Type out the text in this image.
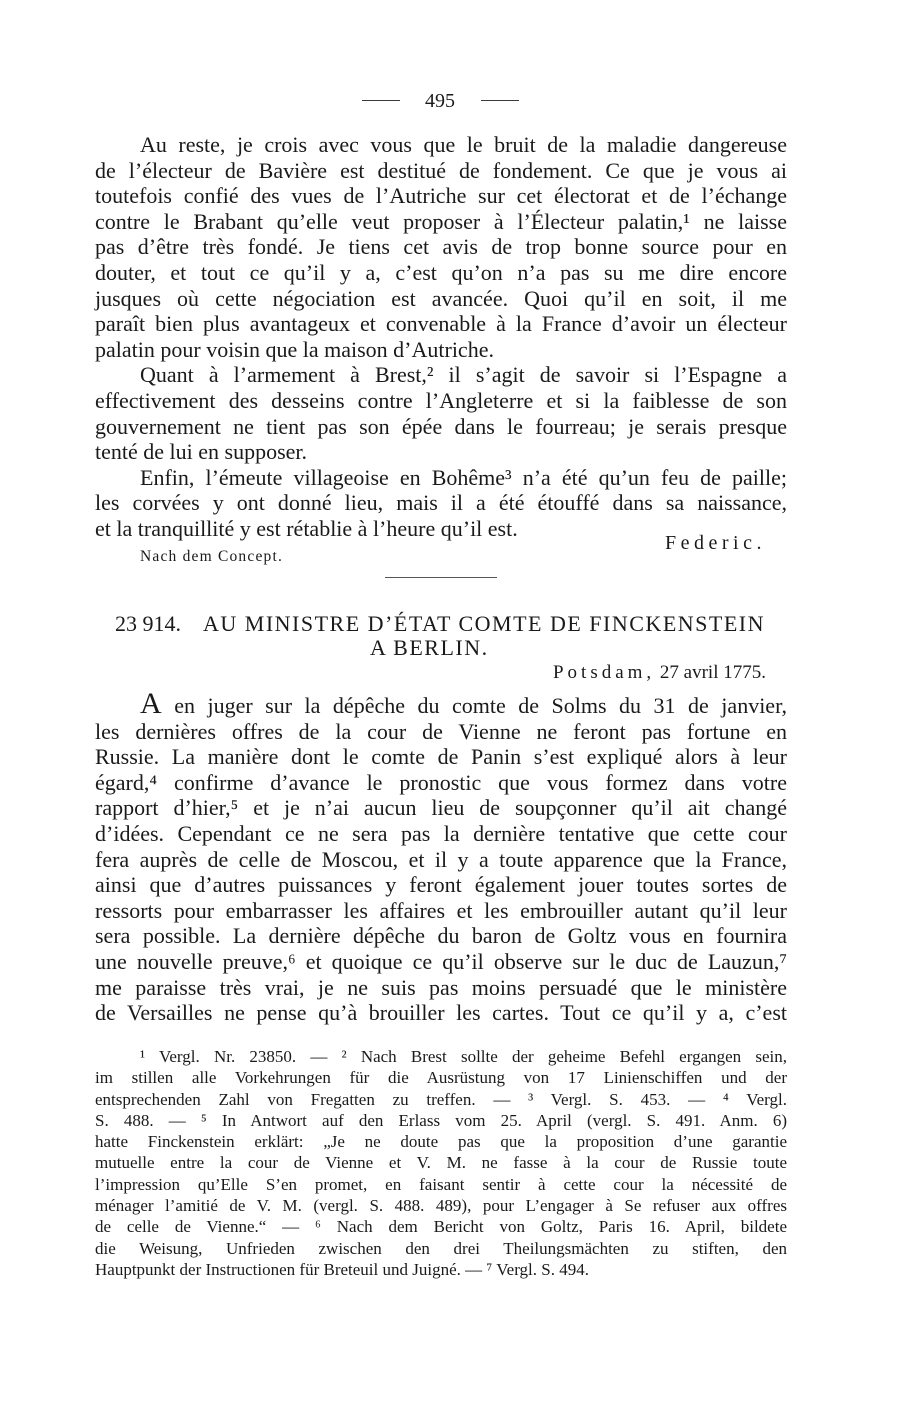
495
Au reste, je crois avec vous que le bruit de la maladie dangereuse
de l’électeur de Bavière est destitué de fondement. Ce que je vous ai
toutefois confié des vues de l’Autriche sur cet électorat et de l’échange
contre le Brabant qu’elle veut proposer à l’Électeur palatin,¹ ne laisse
pas d’être très fondé. Je tiens cet avis de trop bonne source pour en
douter, et tout ce qu’il y a, c’est qu’on n’a pas su me dire encore
jusques où cette négociation est avancée. Quoi qu’il en soit, il me
paraît bien plus avantageux et convenable à la France d’avoir un électeur
palatin pour voisin que la maison d’Autriche.
Quant à l’armement à Brest,² il s’agit de savoir si l’Espagne a
effectivement des desseins contre l’Angleterre et si la faiblesse de son
gouvernement ne tient pas son épée dans le fourreau; je serais presque
tenté de lui en supposer.
Enfin, l’émeute villageoise en Bohême³ n’a été qu’un feu de paille;
les corvées y ont donné lieu, mais il a été étouffé dans sa naissance,
et la tranquillité y est rétablie à l’heure qu’il est.
Federic.
Nach dem Concept.
23 914. AU MINISTRE D’ÉTAT COMTE DE FINCKENSTEIN
A BERLIN.
Potsdam, 27 avril 1775.
A en juger sur la dépêche du comte de Solms du 31 de janvier,
les dernières offres de la cour de Vienne ne feront pas fortune en
Russie. La manière dont le comte de Panin s’est expliqué alors à leur
égard,⁴ confirme d’avance le pronostic que vous formez dans votre
rapport d’hier,⁵ et je n’ai aucun lieu de soupçonner qu’il ait changé
d’idées. Cependant ce ne sera pas la dernière tentative que cette cour
fera auprès de celle de Moscou, et il y a toute apparence que la France,
ainsi que d’autres puissances y feront également jouer toutes sortes de
ressorts pour embarrasser les affaires et les embrouiller autant qu’il leur
sera possible. La dernière dépêche du baron de Goltz vous en fournira
une nouvelle preuve,⁶ et quoique ce qu’il observe sur le duc de Lauzun,⁷
me paraisse très vrai, je ne suis pas moins persuadé que le ministère
de Versailles ne pense qu’à brouiller les cartes. Tout ce qu’il y a, c’est
¹ Vergl. Nr. 23850. — ² Nach Brest sollte der geheime Befehl ergangen sein,
im stillen alle Vorkehrungen für die Ausrüstung von 17 Linienschiffen und der
entsprechenden Zahl von Fregatten zu treffen. — ³ Vergl. S. 453. — ⁴ Vergl.
S. 488. — ⁵ In Antwort auf den Erlass vom 25. April (vergl. S. 491. Anm. 6)
hatte Finckenstein erklärt: „Je ne doute pas que la proposition d’une garantie
mutuelle entre la cour de Vienne et V. M. ne fasse à la cour de Russie toute
l’impression qu’Elle S’en promet, en faisant sentir à cette cour la nécessité de
ménager l’amitié de V. M. (vergl. S. 488. 489), pour L’engager à Se refuser aux offres
de celle de Vienne.“ — ⁶ Nach dem Bericht von Goltz, Paris 16. April, bildete
die Weisung, Unfrieden zwischen den drei Theilungsmächten zu stiften, den
Hauptpunkt der Instructionen für Breteuil und Juigné. — ⁷ Vergl. S. 494.
